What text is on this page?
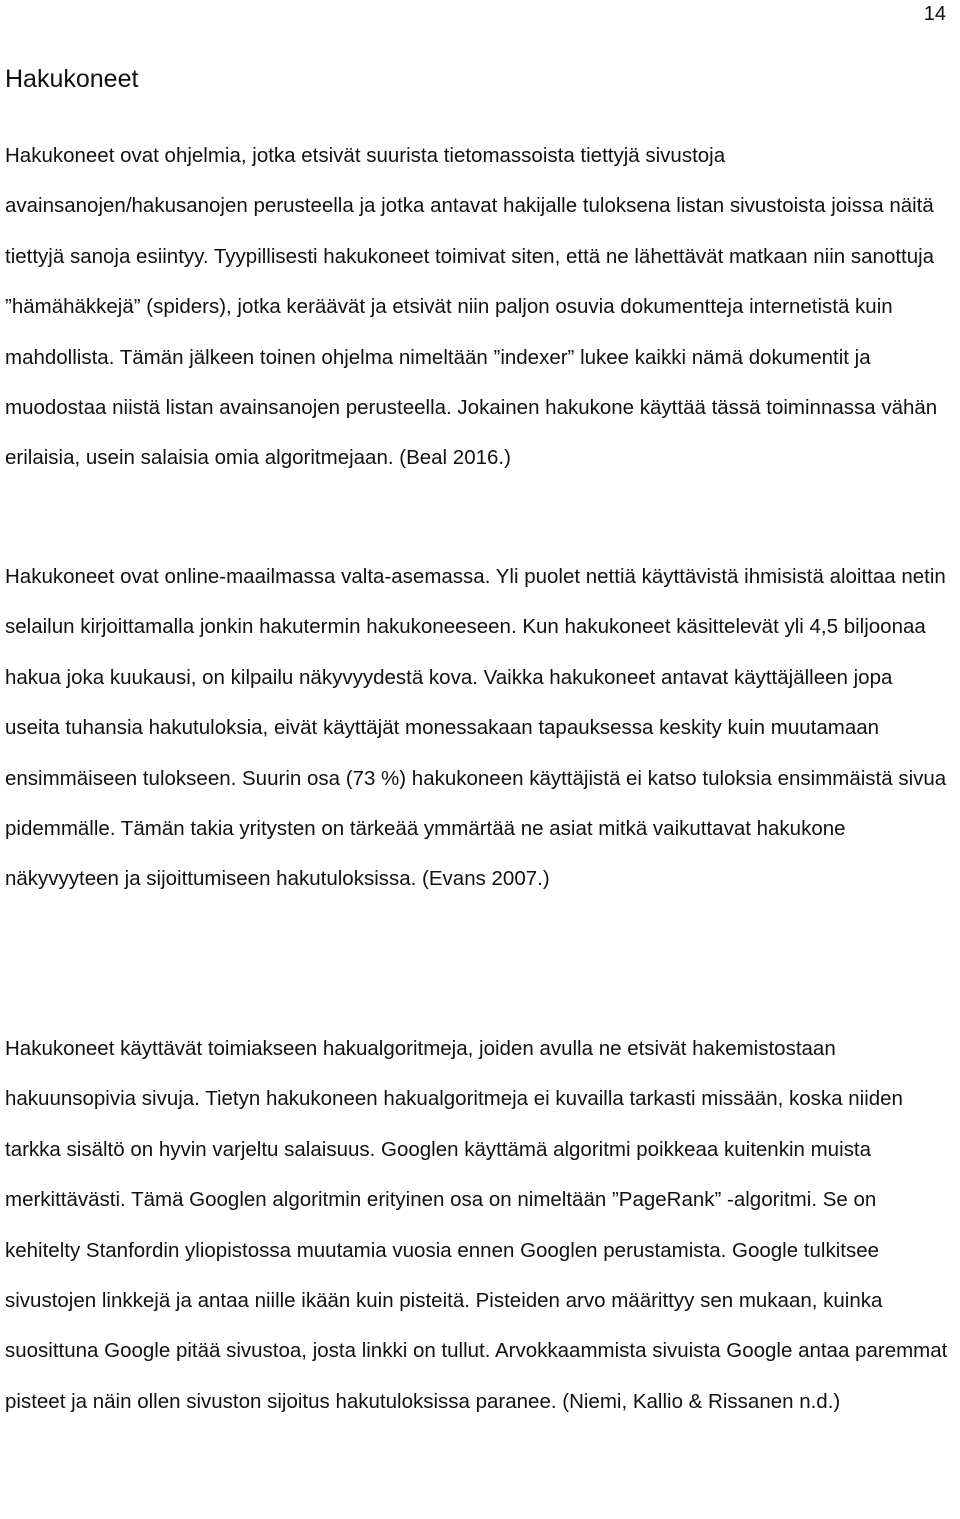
14
Hakukoneet

Hakukoneet ovat ohjelmia, jotka etsivät suurista tietomassoista tiettyjä sivustoja avainsanojen/hakusanojen perusteella ja jotka antavat hakijalle tuloksena listan sivustoista joissa näitä tiettyjä sanoja esiintyy. Tyypillisesti hakukoneet toimivat siten, että ne lähettävät matkaan niin sanottuja ”hämähäkkejä” (spiders), jotka keräävät ja etsivät niin paljon osuvia dokumentteja internetistä kuin mahdollista. Tämän jälkeen toinen ohjelma nimeltään ”indexer” lukee kaikki nämä dokumentit ja muodostaa niistä listan avainsanojen perusteella. Jokainen hakukone käyttää tässä toiminnassa vähän erilaisia, usein salaisia omia algoritmejaan. (Beal 2016.)

Hakukoneet ovat online-maailmassa valta-asemassa. Yli puolet nettiä käyttävistä ihmisistä aloittaa netin selailun kirjoittamalla jonkin hakutermin hakukoneeseen. Kun hakukoneet käsittelevät yli 4,5 biljoonaa hakua joka kuukausi, on kilpailu näkyvyydestä kova. Vaikka hakukoneet antavat käyttäjälleen jopa useita tuhansia hakutuloksia, eivät käyttäjät monessakaan tapauksessa keskity kuin muutamaan ensimmäiseen tulokseen. Suurin osa (73 %) hakukoneen käyttäjistä ei katso tuloksia ensimmäistä sivua pidemmälle. Tämän takia yritysten on tärkeää ymmärtää ne asiat mitkä vaikuttavat hakukone näkyvyyteen ja sijoittumiseen hakutuloksissa. (Evans 2007.)

Hakukoneet käyttävät toimiakseen hakualgoritmeja, joiden avulla ne etsivät hakemistostaan hakuunsopivia sivuja. Tietyn hakukoneen hakualgoritmeja ei kuvailla tarkasti missään, koska niiden tarkka sisältö on hyvin varjeltu salaisuus. Googlen käyttämä algoritmi poikkeaa kuitenkin muista merkittävästi. Tämä Googlen algoritmin erityinen osa on nimeltään ”PageRank” -algoritmi. Se on kehitelty Stanfordin yliopistossa muutamia vuosia ennen Googlen perustamista. Google tulkitsee sivustojen linkkejä ja antaa niille ikään kuin pisteitä. Pisteiden arvo määrittyy sen mukaan, kuinka suosittuna Google pitää sivustoa, josta linkki on tullut. Arvokkaammista sivuista Google antaa paremmat pisteet ja näin ollen sivuston sijoitus hakutuloksissa paranee. (Niemi, Kallio & Rissanen n.d.)
